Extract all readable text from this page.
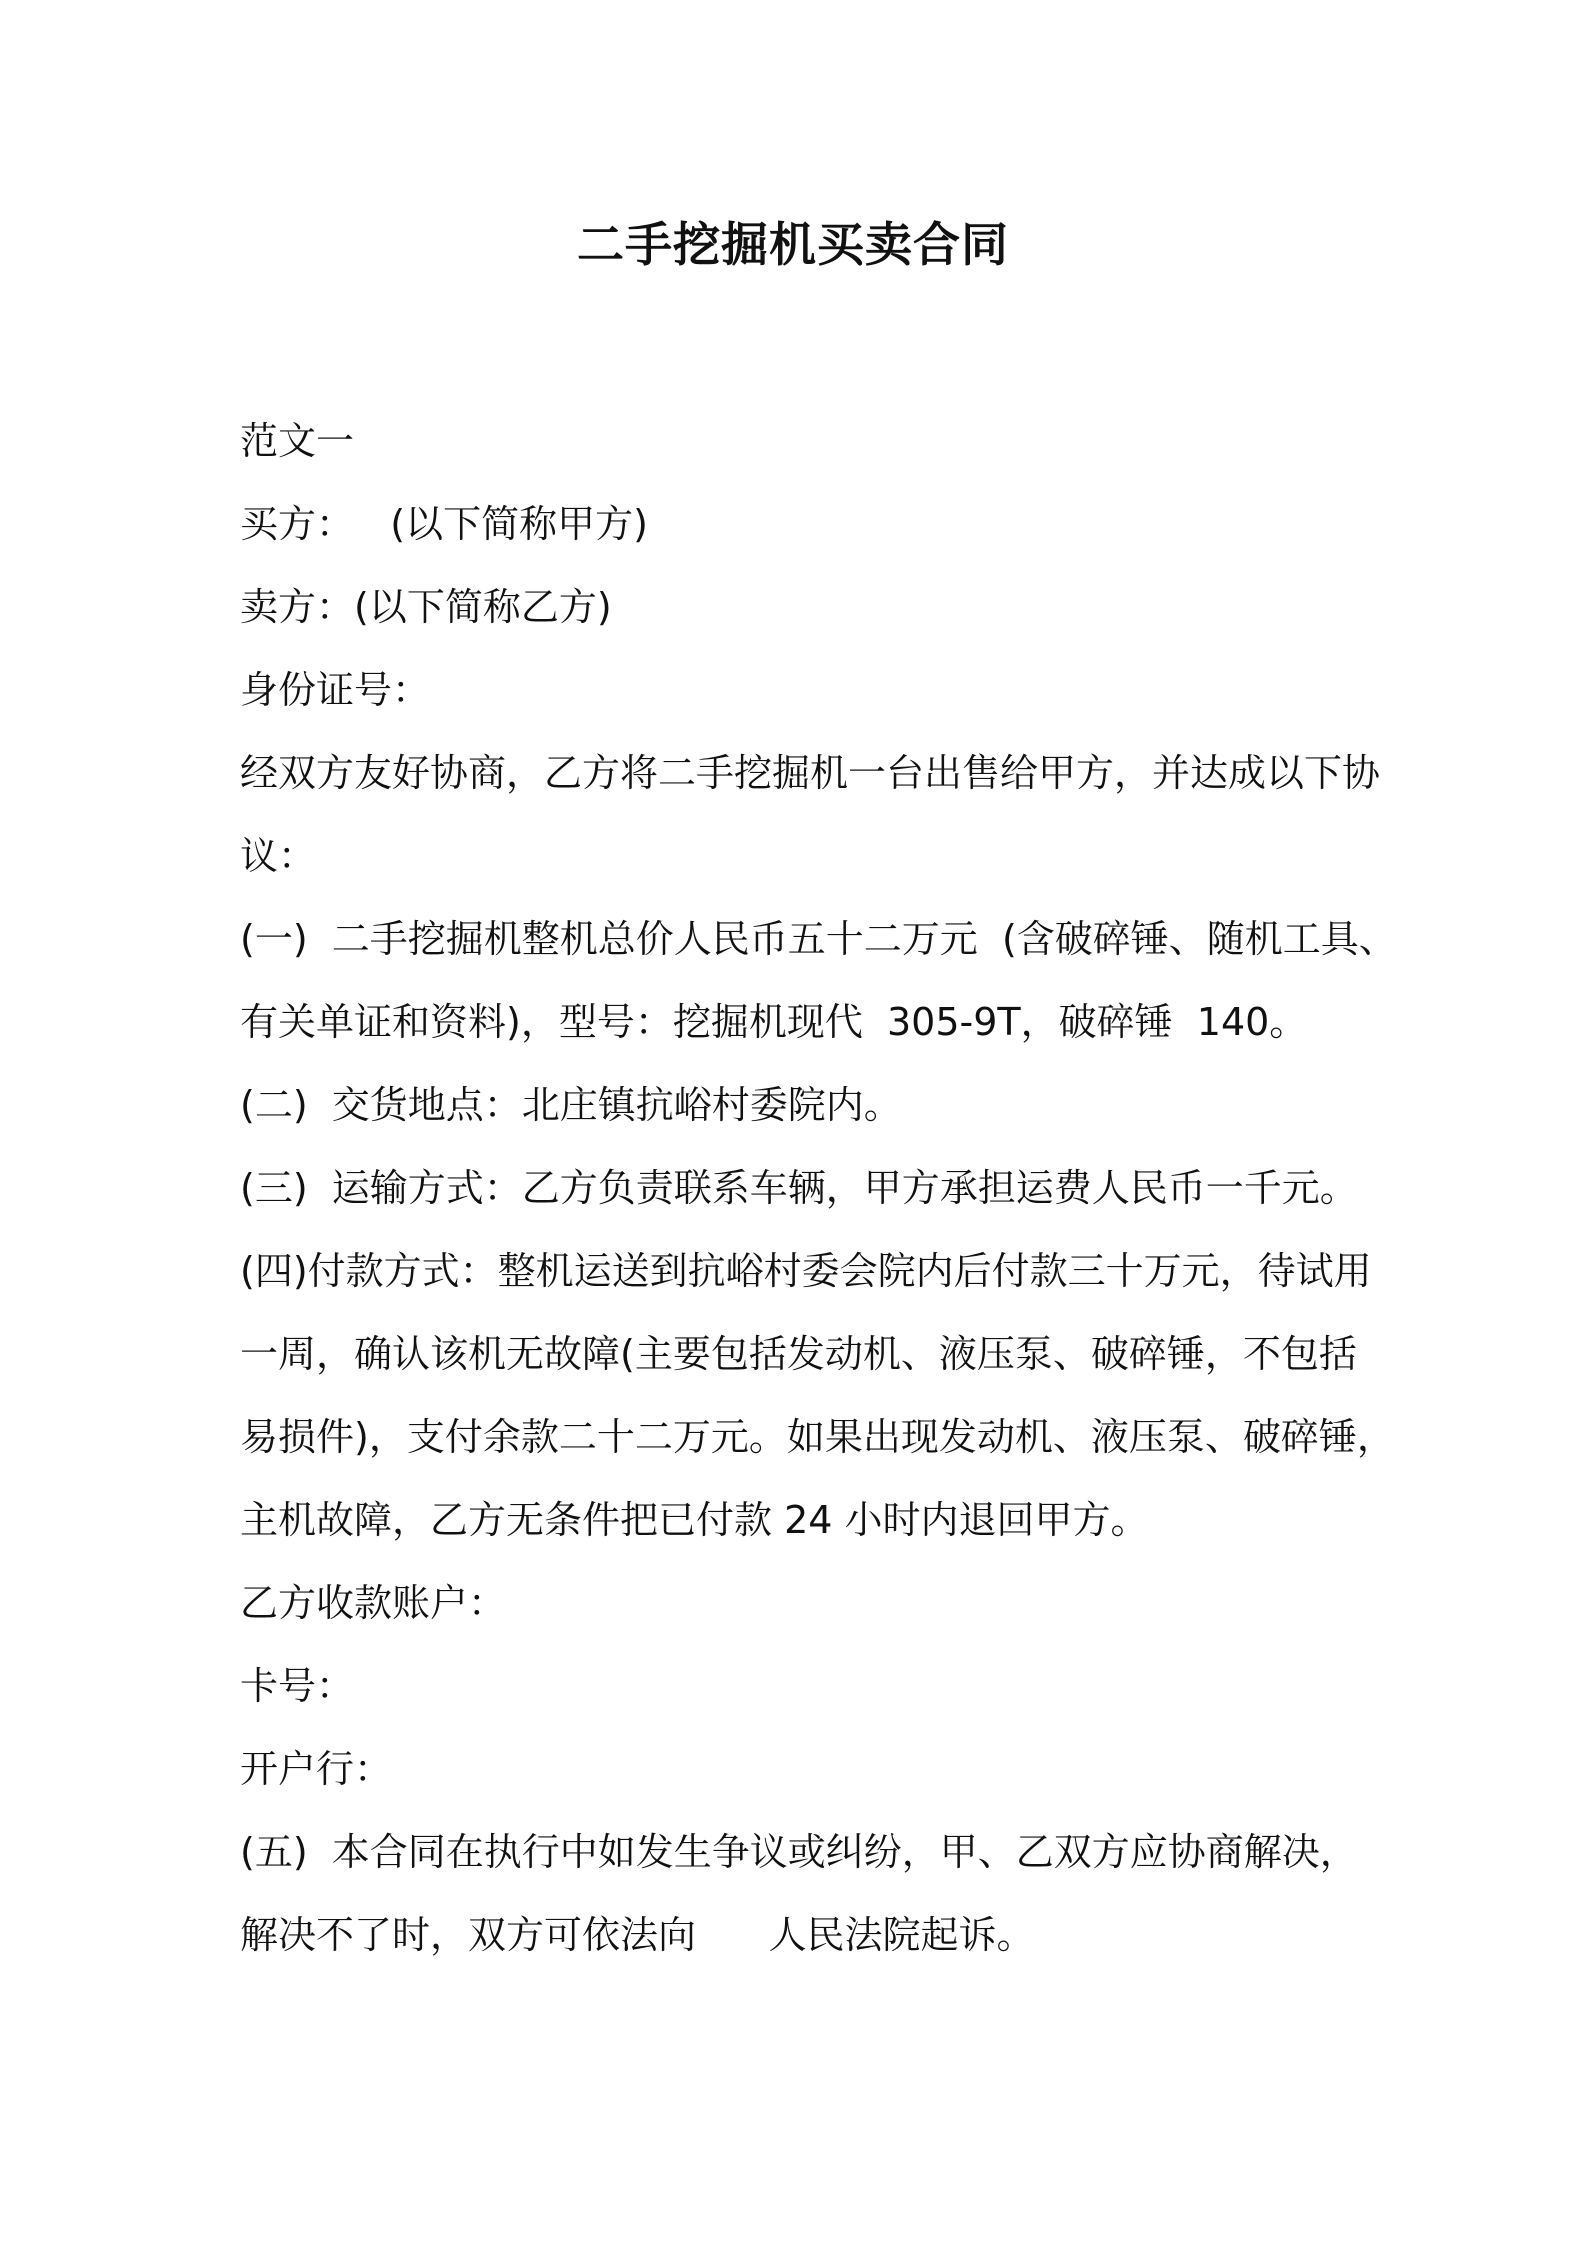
二手挖掘机买卖合同
范文一
买方：   (以下简称甲方)
卖方：(以下简称乙方)
身份证号：
经双方友好协商，乙方将二手挖掘机一台出售给甲方，并达成以下协
议：
(一)  二手挖掘机整机总价人民币五十二万元  (含破碎锤、随机工具、
有关单证和资料)，型号：挖掘机现代  305-9T，破碎锤  140。
(二)  交货地点：北庄镇抗峪村委院内。
(三)  运输方式：乙方负责联系车辆，甲方承担运费人民币一千元。
(四)付款方式：整机运送到抗峪村委会院内后付款三十万元，待试用
一周，确认该机无故障(主要包括发动机、液压泵、破碎锤，不包括
易损件)，支付余款二十二万元。如果出现发动机、液压泵、破碎锤，
主机故障，乙方无条件把已付款 24 小时内退回甲方。
乙方收款账户：
卡号：
开户行：
(五)  本合同在执行中如发生争议或纠纷，甲、乙双方应协商解决，
解决不了时，双方可依法向      人民法院起诉。
